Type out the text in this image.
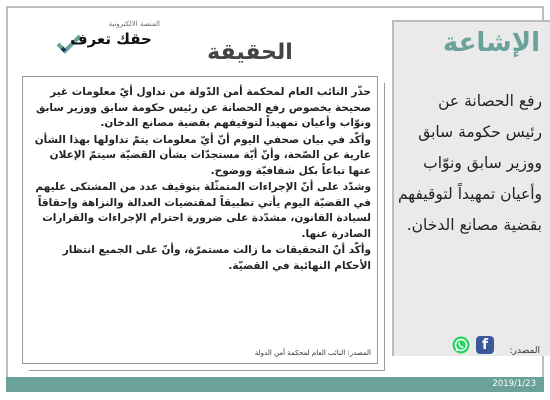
المنصة الالكترونية
حقك تعرف
الحقيقة

حذّر النائب العام لمحكمة أمن الدّولة من تداول أيّ معلومات غير صحيحة بخصوص رفع الحصانة عن رئيس حكومة سابق ووزير سابق ونوّاب وأعيان تمهيداً لتوقيفهم بقضية مصانع الدخان.

وأكّد في بيان صحفي اليوم أنّ أيّ معلومات يتمّ تداولها بهذا الشأن عارية عن الصّحة، وأنّ أيّة مستجدّات بشأن القضيّة سيتمّ الإعلان عنها تباعاً بكل شفافيّة ووضوح.

وشدّد على أنّ الإجراءات المتمثّلة بتوقيف عدد من المشتكى عليهم في القضيّة اليوم يأتي تطبيقاً لمقتضيات العدالة والنزاهة وإحقاقاً لسيادة القانون، مشدّدة على ضرورة احترام الإجراءات والقرارات الصادرة عنها.

وأكّد أنّ التحقيقات ما زالت مستمرّة، وأنّ على الجميع انتظار الأحكام النهائية في القضيّة.

المصدر: النائب العام لمحكمة أمن الدولة
الإشاعة
رفع الحصانة عن رئيس حكومة سابق ووزير سابق ونوّاب وأعيان تمهيداً لتوقيفهم بقضية مصانع الدخان.
المصدر:
f
2019/1/23
